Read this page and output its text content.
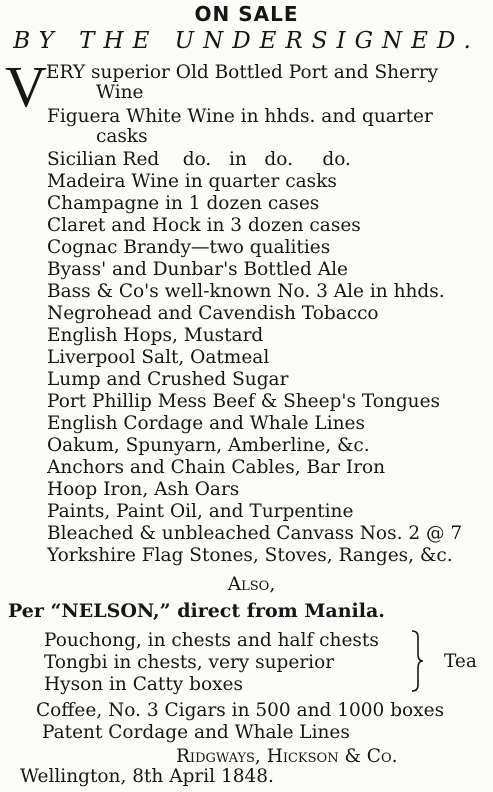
ON SALE
BY THE UNDERSIGNED.
V ERY superior Old Bottled Port and Sherry
Wine
Figuera White Wine in hhds. and quarter
casks
Sicilian Red    do.   in   do.     do.
Madeira Wine in quarter casks
Champagne in 1 dozen cases
Claret and Hock in 3 dozen cases
Cognac Brandy—two qualities
Byass' and Dunbar's Bottled Ale
Bass & Co's well-known No. 3 Ale in hhds.
Negrohead and Cavendish Tobacco
English Hops, Mustard
Liverpool Salt, Oatmeal
Lump and Crushed Sugar
Port Phillip Mess Beef & Sheep's Tongues
English Cordage and Whale Lines
Oakum, Spunyarn, Amberline, &c.
Anchors and Chain Cables, Bar Iron
Hoop Iron, Ash Oars
Paints, Paint Oil, and Turpentine
Bleached & unbleached Canvass Nos. 2 @ 7
Yorkshire Flag Stones, Stoves, Ranges, &c.
Also,
Per “NELSON,” direct from Manila.
Pouchong, in chests and half chests
Tongbi in chests, very superior
Hyson in Catty boxes
Tea
Coffee, No. 3 Cigars in 500 and 1000 boxes
Patent Cordage and Whale Lines
Ridgways, Hickson & Co.
Wellington, 8th April 1848.
